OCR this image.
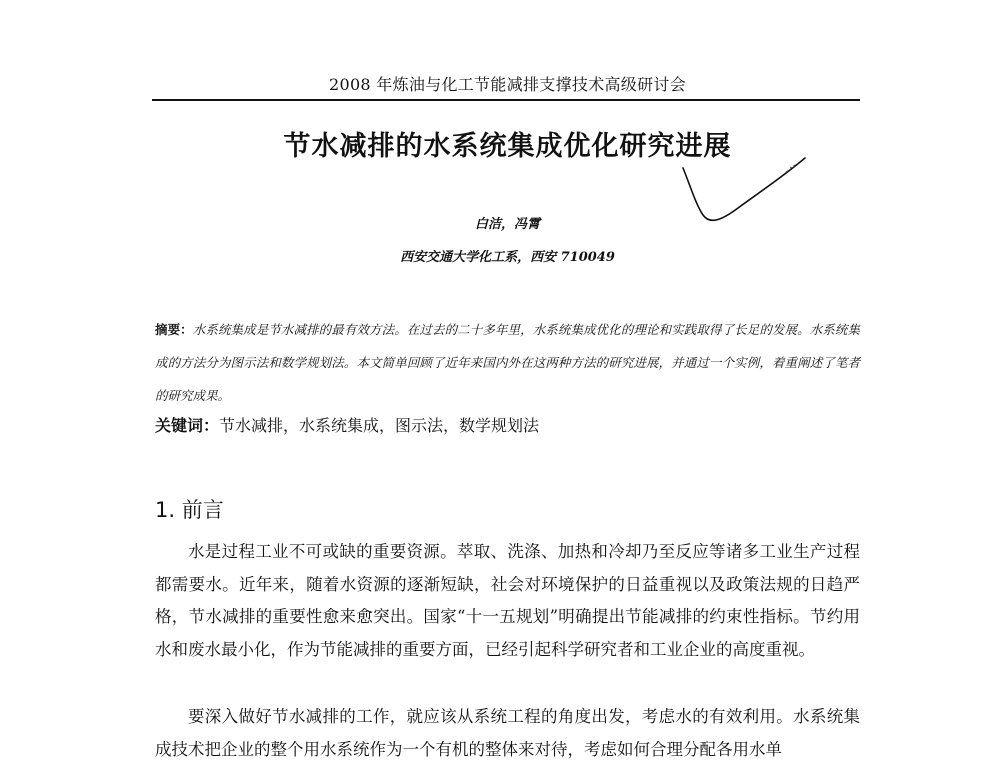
2008 年炼油与化工节能减排支撑技术高级研讨会
节水减排的水系统集成优化研究进展
白洁，冯霄
西安交通大学化工系，西安 710049
摘要：水系统集成是节水减排的最有效方法。在过去的二十多年里，水系统集成优化的理论和实践取得了长足的发展。水系统集成的方法分为图示法和数学规划法。本文简单回顾了近年来国内外在这两种方法的研究进展，并通过一个实例，着重阐述了笔者的研究成果。
关键词：节水减排，水系统集成，图示法，数学规划法
1. 前言

水是过程工业不可或缺的重要资源。萃取、洗涤、加热和冷却乃至反应等诸多工业生产过程都需要水。近年来，随着水资源的逐渐短缺，社会对环境保护的日益重视以及政策法规的日趋严格，节水减排的重要性愈来愈突出。国家“十一五规划”明确提出节能减排的约束性指标。节约用水和废水最小化，作为节能减排的重要方面，已经引起科学研究者和工业企业的高度重视。

要深入做好节水减排的工作，就应该从系统工程的角度出发，考虑水的有效利用。水系统集成技术把企业的整个用水系统作为一个有机的整体来对待，考虑如何合理分配各用水单
